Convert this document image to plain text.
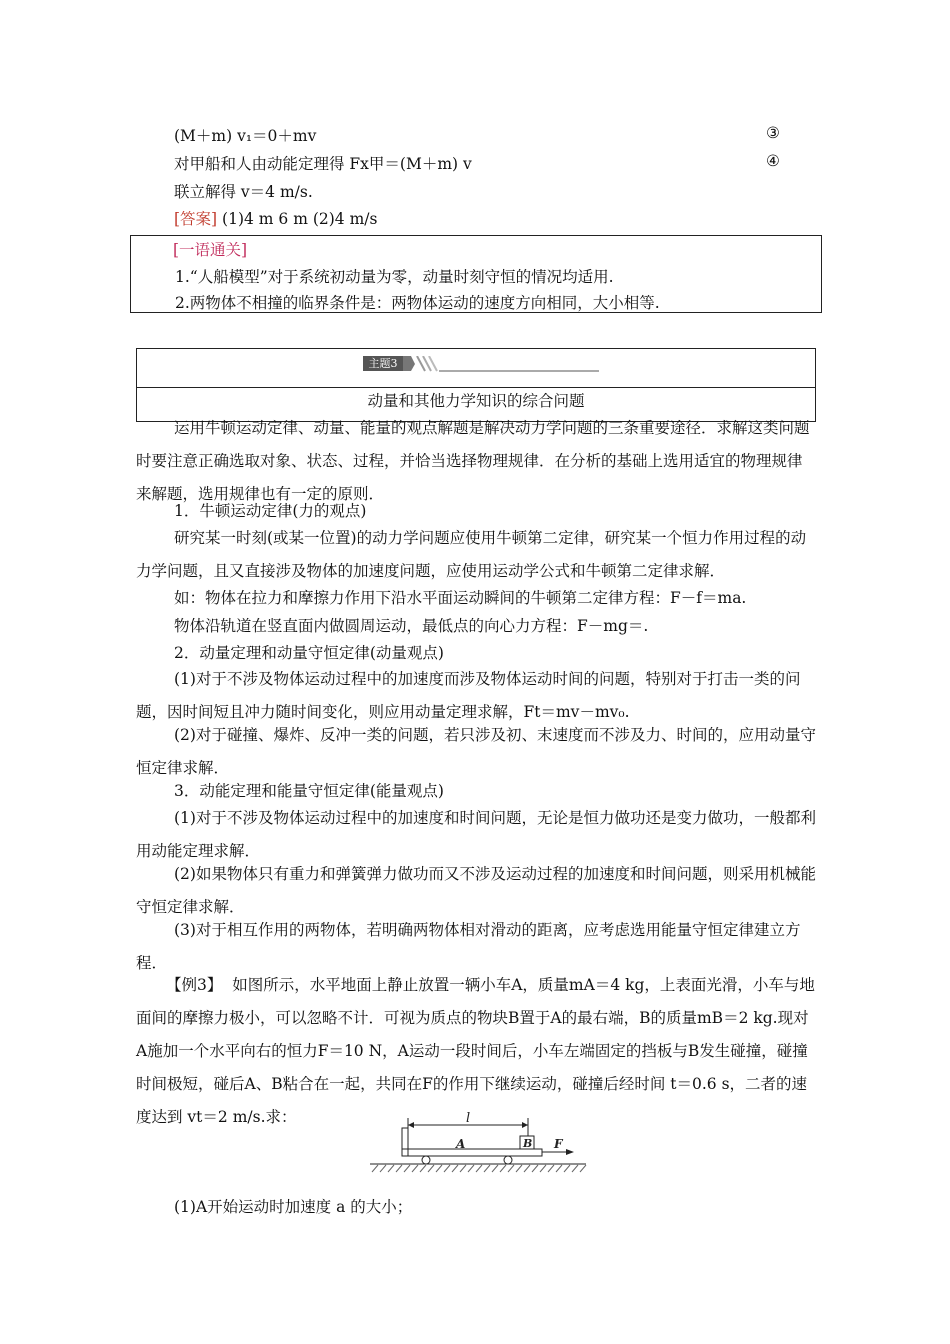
(M＋m) v₁＝0＋mv	③
对甲船和人由动能定理得 Fx甲＝(M＋m) v	④
联立解得 v＝4 m/s.
[答案] (1)4 m 6 m (2)4 m/s
[一语通关]
1.“人船模型”对于系统初动量为零，动量时刻守恒的情况均适用.
2.两物体不相撞的临界条件是：两物体运动的速度方向相同，大小相等.
主题3
动量和其他力学知识的综合问题
运用牛顿运动定律、动量、能量的观点解题是解决动力学问题的三条重要途径．求解这类问题时要注意正确选取对象、状态、过程，并恰当选择物理规律．在分析的基础上选用适宜的物理规律来解题，选用规律也有一定的原则．
1．牛顿运动定律(力的观点)
研究某一时刻(或某一位置)的动力学问题应使用牛顿第二定律，研究某一个恒力作用过程的动力学问题，且又直接涉及物体的加速度问题，应使用运动学公式和牛顿第二定律求解．
如：物体在拉力和摩擦力作用下沿水平面运动瞬间的牛顿第二定律方程：F－f＝ma.
物体沿轨道在竖直面内做圆周运动，最低点的向心力方程：F－mg＝.
2．动量定理和动量守恒定律(动量观点)
(1)对于不涉及物体运动过程中的加速度而涉及物体运动时间的问题，特别对于打击一类的问题，因时间短且冲力随时间变化，则应用动量定理求解，Ft＝mv－mv₀.
(2)对于碰撞、爆炸、反冲一类的问题，若只涉及初、末速度而不涉及力、时间的，应用动量守恒定律求解．
3．动能定理和能量守恒定律(能量观点)
(1)对于不涉及物体运动过程中的加速度和时间问题，无论是恒力做功还是变力做功，一般都利用动能定理求解．
(2)如果物体只有重力和弹簧弹力做功而又不涉及运动过程的加速度和时间问题，则采用机械能守恒定律求解．
(3)对于相互作用的两物体，若明确两物体相对滑动的距离，应考虑选用能量守恒定律建立方程．
【例3】 如图所示，水平地面上静止放置一辆小车A，质量mA＝4 kg，上表面光滑，小车与地面间的摩擦力极小，可以忽略不计．可视为质点的物块B置于A的最右端，B的质量mB＝2 kg.现对A施加一个水平向右的恒力F＝10 N，A运动一段时间后，小车左端固定的挡板与B发生碰撞，碰撞时间极短，碰后A、B粘合在一起，共同在F的作用下继续运动，碰撞后经时间 t＝0.6 s，二者的速度达到 vt＝2 m/s.求：	l
A	B F
(1)A开始运动时加速度 a 的大小；
